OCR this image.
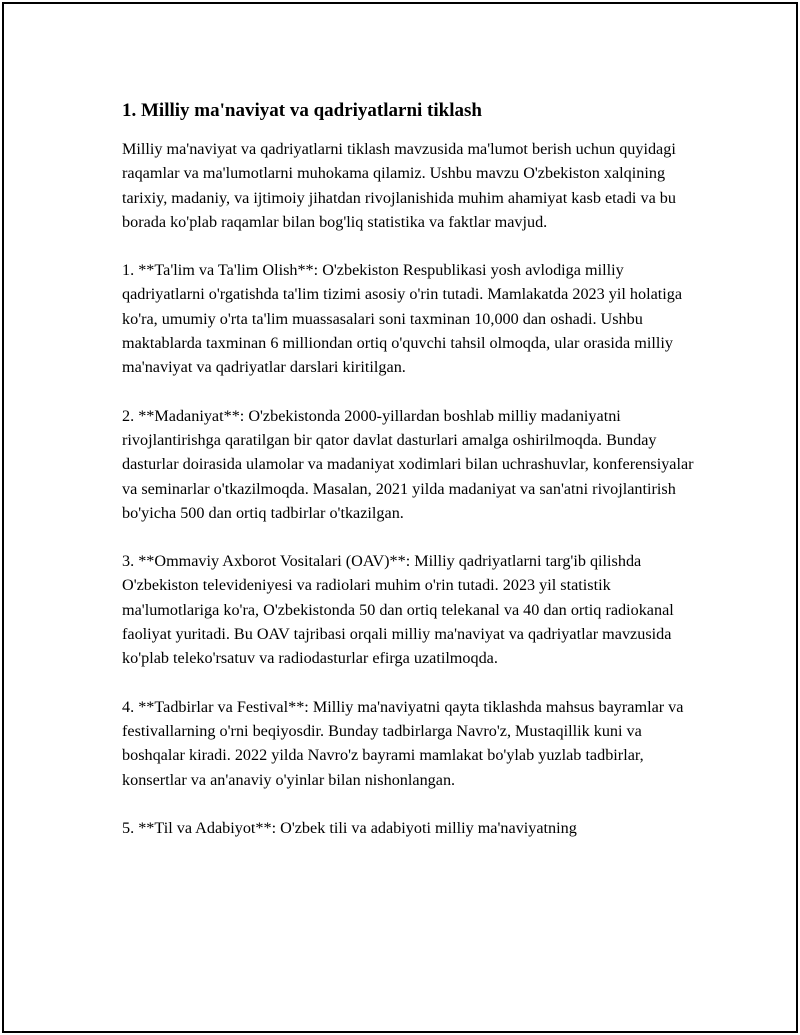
1. Milliy ma'naviyat va qadriyatlarni tiklash

Milliy ma'naviyat va qadriyatlarni tiklash mavzusida ma'lumot berish uchun quyidagi raqamlar va ma'lumotlarni muhokama qilamiz. Ushbu mavzu O'zbekiston xalqining tarixiy, madaniy, va ijtimoiy jihatdan rivojlanishida muhim ahamiyat kasb etadi va bu borada ko'plab raqamlar bilan bog'liq statistika va faktlar mavjud.

1. **Ta'lim va Ta'lim Olish**: O'zbekiston Respublikasi yosh avlodiga milliy qadriyatlarni o'rgatishda ta'lim tizimi asosiy o'rin tutadi. Mamlakatda 2023 yil holatiga ko'ra, umumiy o'rta ta'lim muassasalari soni taxminan 10,000 dan oshadi. Ushbu maktablarda taxminan 6 milliondan ortiq o'quvchi tahsil olmoqda, ular orasida milliy ma'naviyat va qadriyatlar darslari kiritilgan.

2. **Madaniyat**: O'zbekistonda 2000-yillardan boshlab milliy madaniyatni rivojlantirishga qaratilgan bir qator davlat dasturlari amalga oshirilmoqda. Bunday dasturlar doirasida ulamolar va madaniyat xodimlari bilan uchrashuvlar, konferensiyalar va seminarlar o'tkazilmoqda. Masalan, 2021 yilda madaniyat va san'atni rivojlantirish bo'yicha 500 dan ortiq tadbirlar o'tkazilgan.

3. **Ommaviy Axborot Vositalari (OAV)**: Milliy qadriyatlarni targ'ib qilishda O'zbekiston televideniyesi va radiolari muhim o'rin tutadi. 2023 yil statistik ma'lumotlariga ko'ra, O'zbekistonda 50 dan ortiq telekanal va 40 dan ortiq radiokanal faoliyat yuritadi. Bu OAV tajribasi orqali milliy ma'naviyat va qadriyatlar mavzusida ko'plab teleko'rsatuv va radiodasturlar efirga uzatilmoqda.

4. **Tadbirlar va Festival**: Milliy ma'naviyatni qayta tiklashda mahsus bayramlar va festivallarning o'rni beqiyosdir. Bunday tadbirlarga Navro'z, Mustaqillik kuni va boshqalar kiradi. 2022 yilda Navro'z bayrami mamlakat bo'ylab yuzlab tadbirlar, konsertlar va an'anaviy o'yinlar bilan nishonlangan.

5. **Til va Adabiyot**: O'zbek tili va adabiyoti milliy ma'naviyatning
